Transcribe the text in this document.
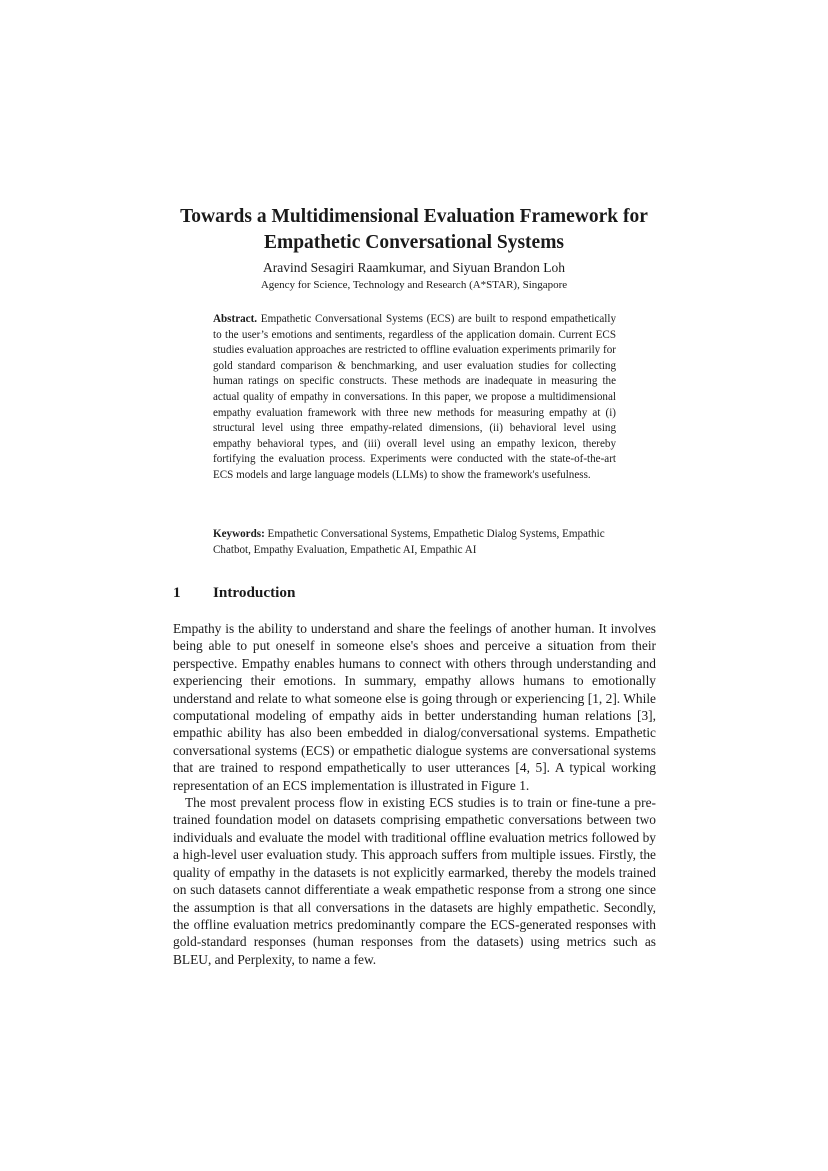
Towards a Multidimensional Evaluation Framework for
Empathetic Conversational Systems
Aravind Sesagiri Raamkumar, and Siyuan Brandon Loh
Agency for Science, Technology and Research (A*STAR), Singapore

Abstract. Empathetic Conversational Systems (ECS) are built to respond empathetically to the user’s emotions and sentiments, regardless of the application domain. Current ECS studies evaluation approaches are restricted to offline evaluation experiments primarily for gold standard comparison & benchmarking, and user evaluation studies for collecting human ratings on specific constructs. These methods are inadequate in measuring the actual quality of empathy in conversations. In this paper, we propose a multidimensional empathy evaluation framework with three new methods for measuring empathy at (i) structural level using three empathy-related dimensions, (ii) behavioral level using empathy behavioral types, and (iii) overall level using an empathy lexicon, thereby fortifying the evaluation process. Experiments were conducted with the state-of-the-art ECS models and large language models (LLMs) to show the framework's usefulness.

Keywords: Empathetic Conversational Systems, Empathetic Dialog Systems, Empathic Chatbot, Empathy Evaluation, Empathetic AI, Empathic AI

1 Introduction

Empathy is the ability to understand and share the feelings of another human. It involves being able to put oneself in someone else's shoes and perceive a situation from their perspective. Empathy enables humans to connect with others through understanding and experiencing their emotions. In summary, empathy allows humans to emotionally understand and relate to what someone else is going through or experiencing [1, 2]. While computational modeling of empathy aids in better understanding human relations [3], empathic ability has also been embedded in dialog/conversational systems. Empathetic conversational systems (ECS) or empathetic dialogue systems are conversational systems that are trained to respond empathetically to user utterances [4, 5]. A typical working representation of an ECS implementation is illustrated in Figure 1.

The most prevalent process flow in existing ECS studies is to train or fine-tune a pre-trained foundation model on datasets comprising empathetic conversations between two individuals and evaluate the model with traditional offline evaluation metrics followed by a high-level user evaluation study. This approach suffers from multiple issues. Firstly, the quality of empathy in the datasets is not explicitly earmarked, thereby the models trained on such datasets cannot differentiate a weak empathetic response from a strong one since the assumption is that all conversations in the datasets are highly empathetic. Secondly, the offline evaluation metrics predominantly compare the ECS-generated responses with gold-standard responses (human responses from the datasets) using metrics such as BLEU, and Perplexity, to name a few.
